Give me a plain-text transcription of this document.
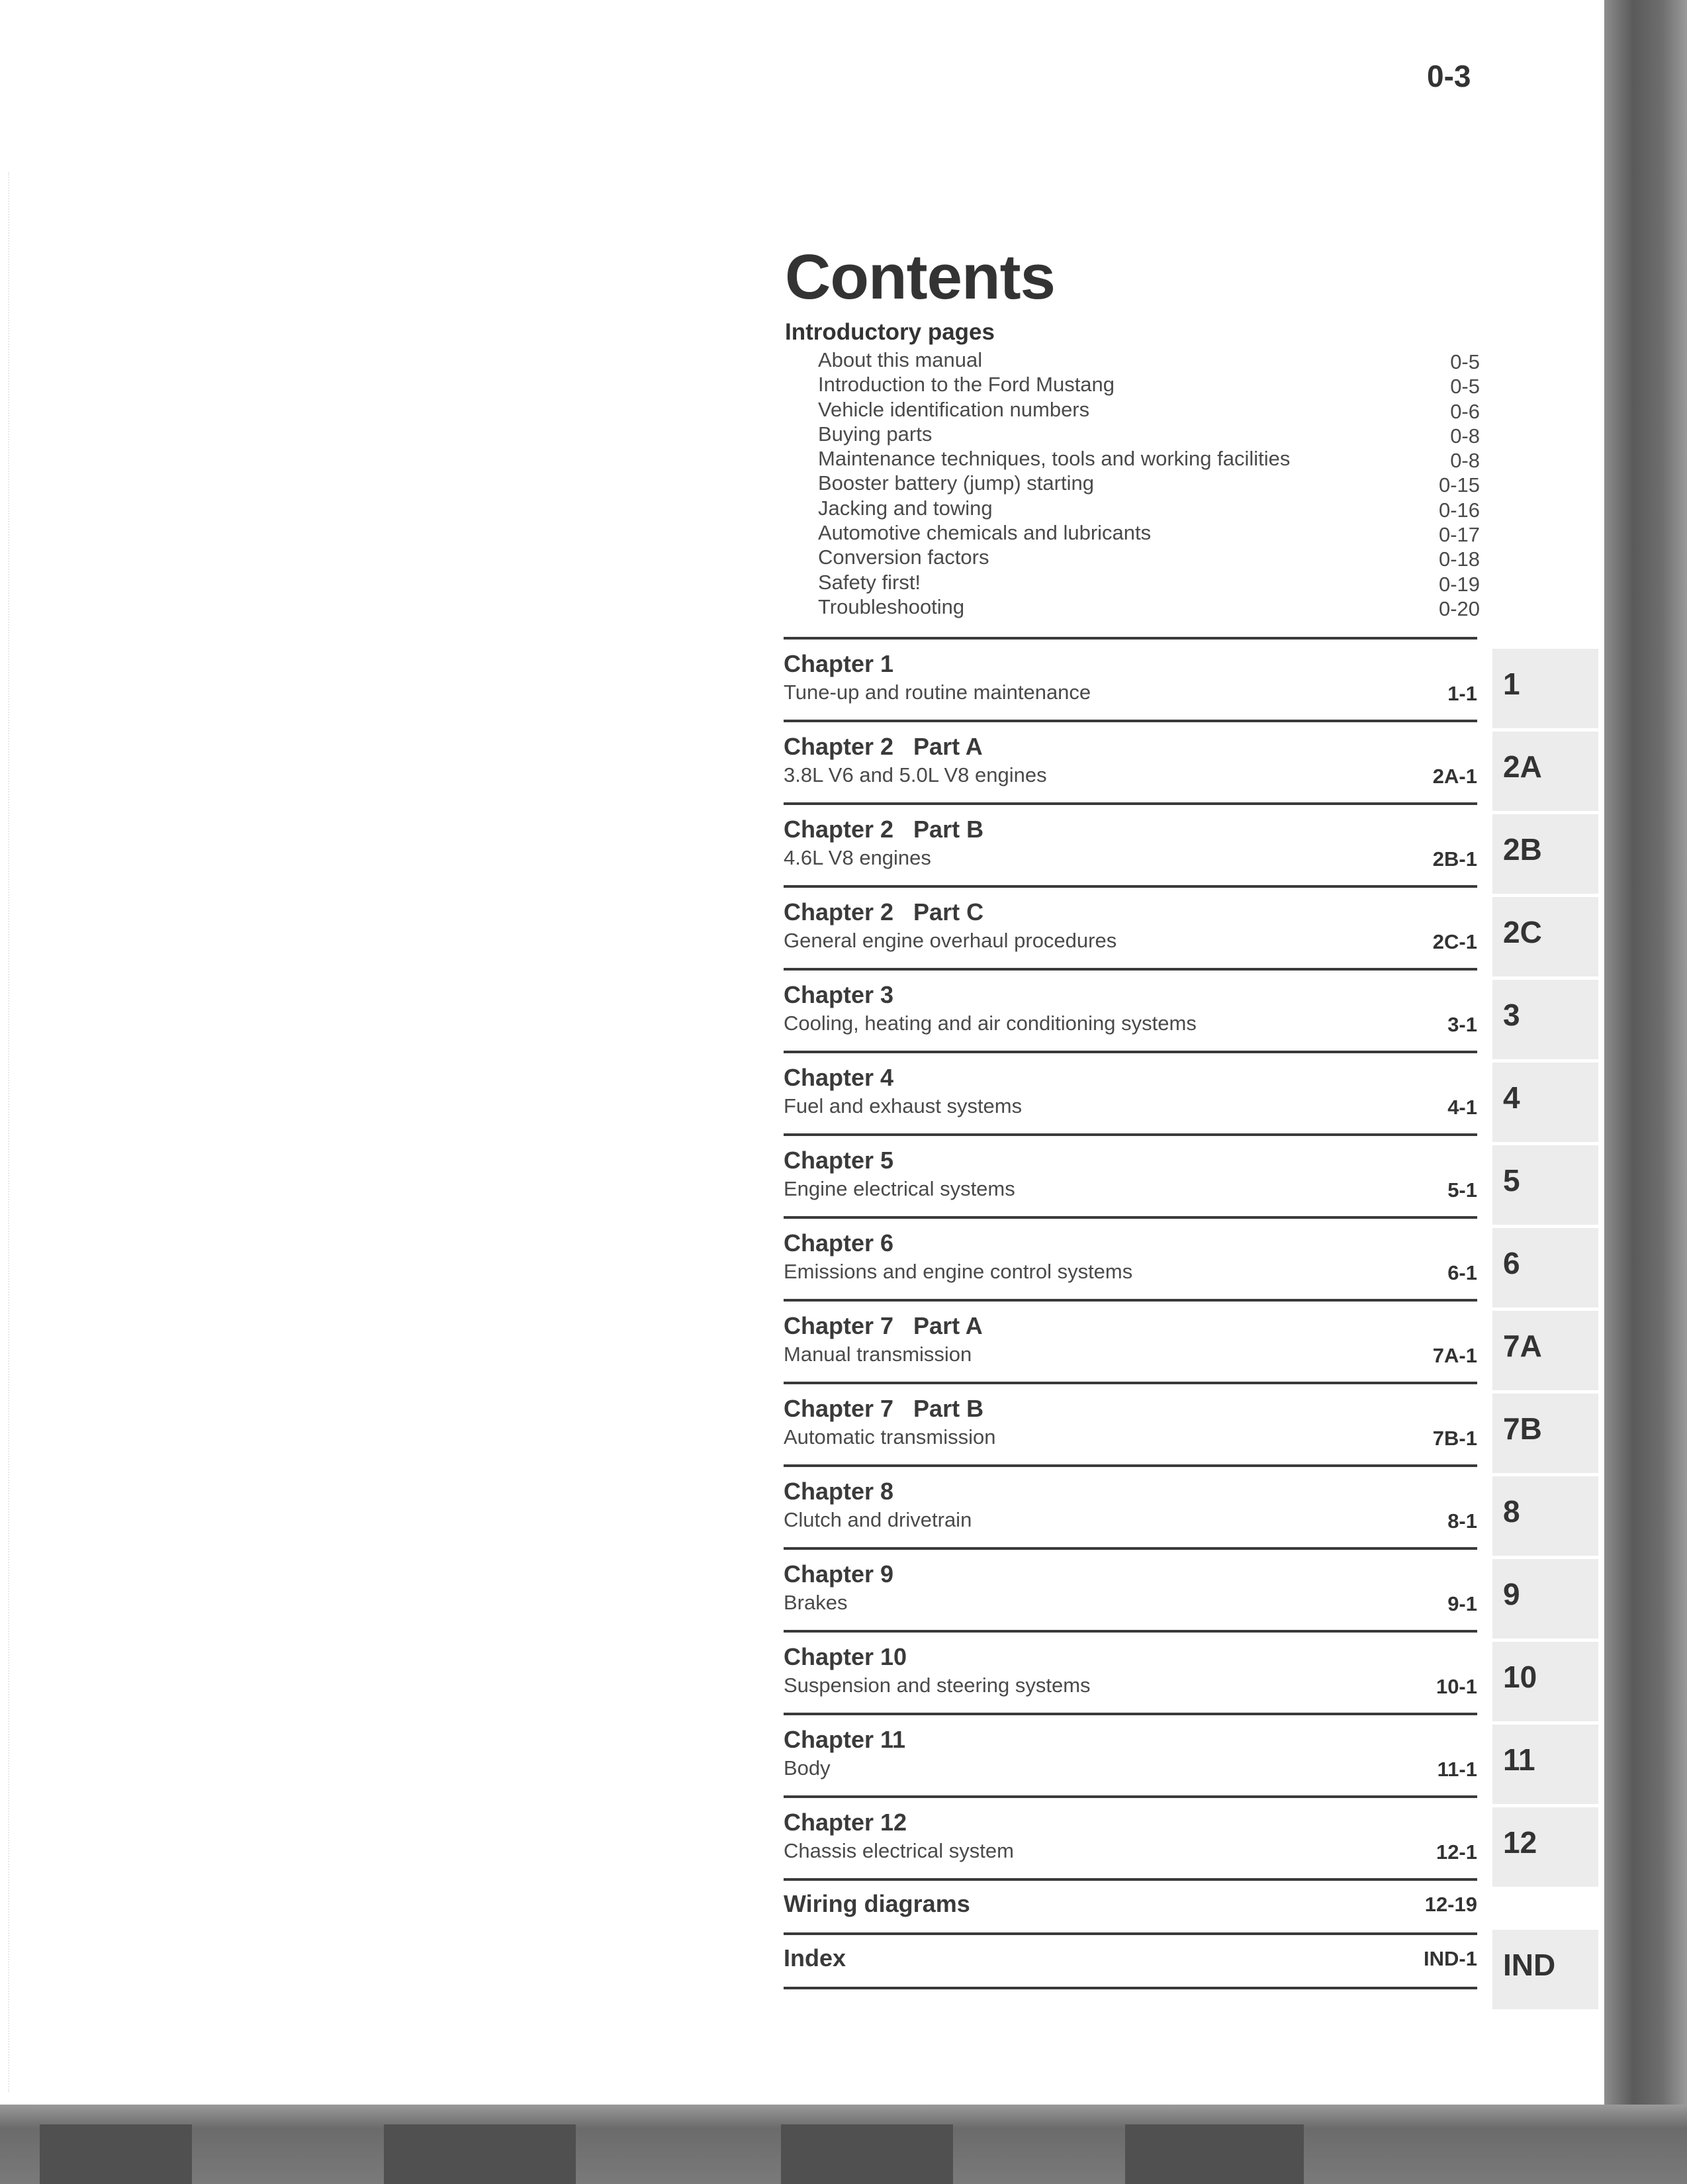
0-3
Contents
Introductory pages
About this manual	0-5
Introduction to the Ford Mustang	0-5
Vehicle identification numbers	0-6
Buying parts	0-8
Maintenance techniques, tools and working facilities	0-8
Booster battery (jump) starting	0-15
Jacking and towing	0-16
Automotive chemicals and lubricants	0-17
Conversion factors	0-18
Safety first!	0-19
Troubleshooting	0-20
Chapter 1
Tune-up and routine maintenance	1-1 1
Chapter 2   Part A
3.8L V6 and 5.0L V8 engines	2A-1 2A
Chapter 2   Part B
4.6L V8 engines	2B-1 2B
Chapter 2   Part C
General engine overhaul procedures	2C-1 2C
Chapter 3
Cooling, heating and air conditioning systems	3-1 3
Chapter 4
Fuel and exhaust systems	4-1 4
Chapter 5
Engine electrical systems	5-1 5
Chapter 6
Emissions and engine control systems	6-1 6
Chapter 7   Part A
Manual transmission	7A-1 7A
Chapter 7   Part B
Automatic transmission	7B-1 7B
Chapter 8
Clutch and drivetrain	8-1 8
Chapter 9
Brakes	9-1 9
Chapter 10
Suspension and steering systems	10-1 10
Chapter 11
Body	11-1 11
Chapter 12
Chassis electrical system	12-1 12
Wiring diagrams	12-19
Index	IND-1 IND
